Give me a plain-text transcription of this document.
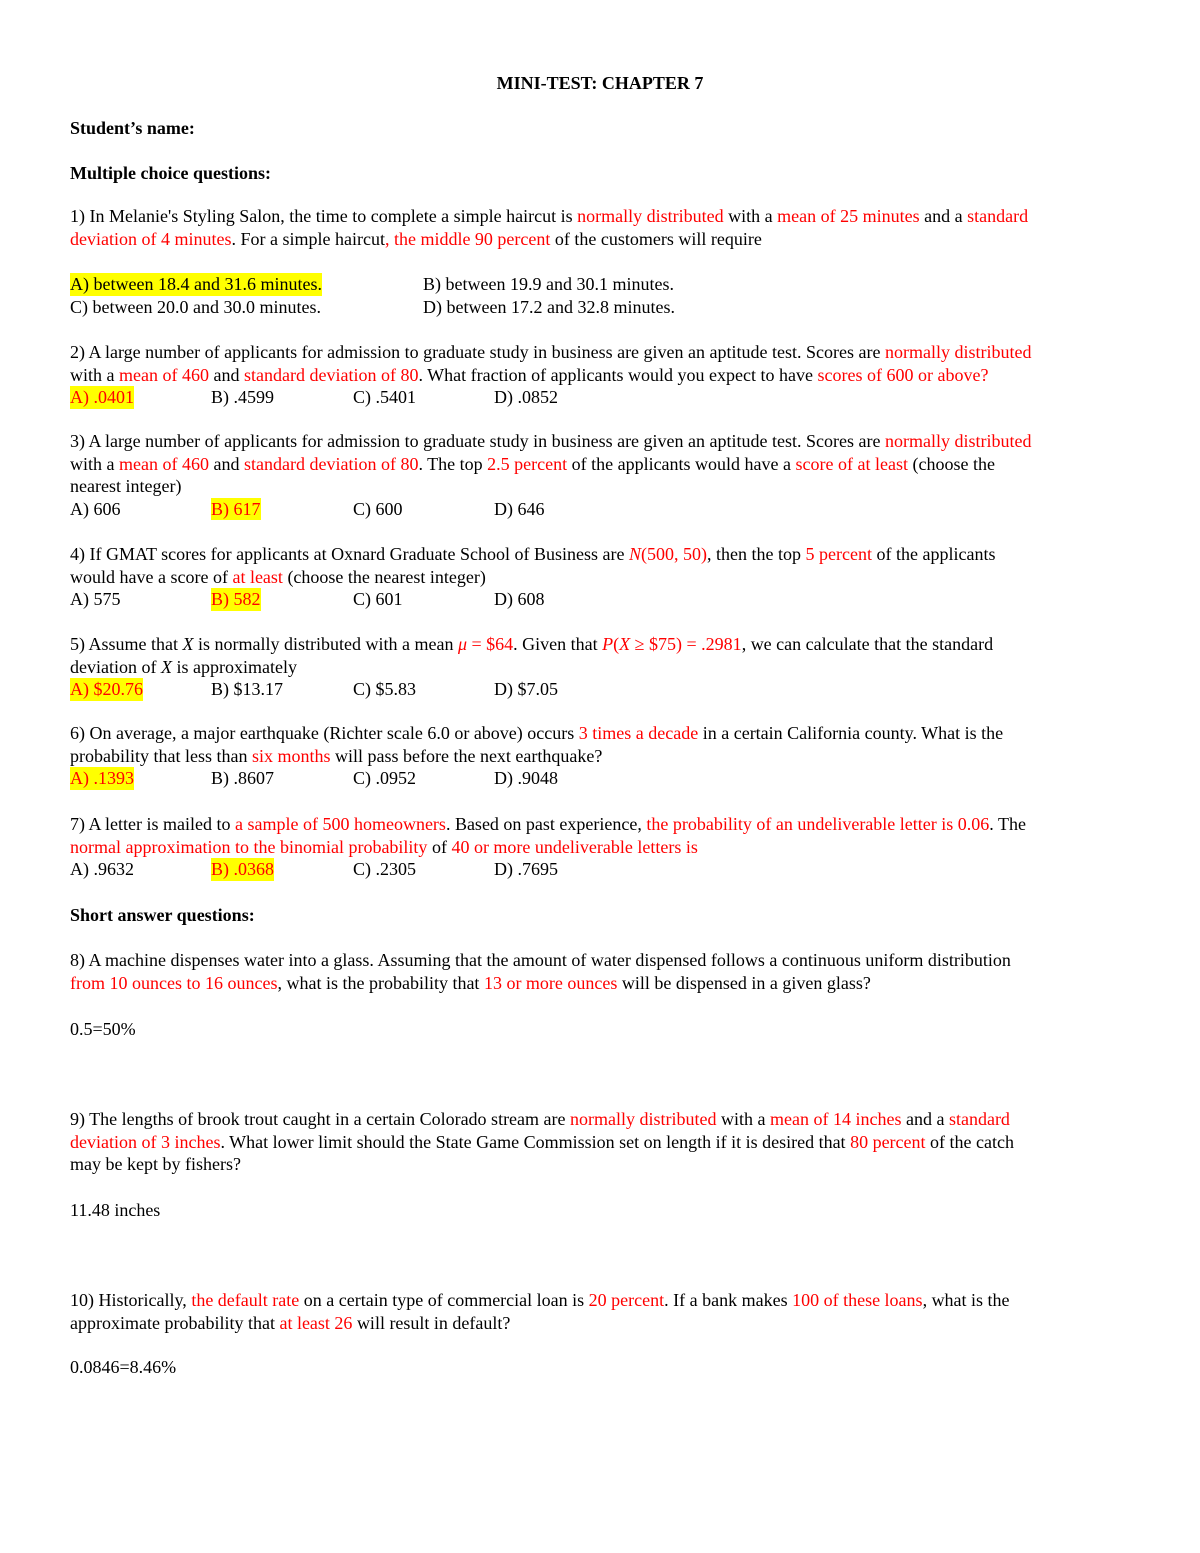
MINI-TEST: CHAPTER 7
Student’s name:
Multiple choice questions:
1) In Melanie's Styling Salon, the time to complete a simple haircut is normally distributed with a mean of 25 minutes and a standard
deviation of 4 minutes. For a simple haircut, the middle 90 percent of the customers will require
A) between 18.4 and 31.6 minutes.	B) between 19.9 and 30.1 minutes.
C) between 20.0 and 30.0 minutes.	D) between 17.2 and 32.8 minutes.
2) A large number of applicants for admission to graduate study in business are given an aptitude test. Scores are normally distributed
with a mean of 460 and standard deviation of 80. What fraction of applicants would you expect to have scores of 600 or above?
A) .0401	B) .4599	C) .5401	D) .0852
3) A large number of applicants for admission to graduate study in business are given an aptitude test. Scores are normally distributed
with a mean of 460 and standard deviation of 80. The top 2.5 percent of the applicants would have a score of at least (choose the
nearest integer)
A) 606	B) 617	C) 600	D) 646
4) If GMAT scores for applicants at Oxnard Graduate School of Business are N(500, 50), then the top 5 percent of the applicants
would have a score of at least (choose the nearest integer)
A) 575	B) 582	C) 601	D) 608
5) Assume that X is normally distributed with a mean μ = $64. Given that P(X ≥ $75) = .2981, we can calculate that the standard
deviation of X is approximately
A) $20.76	B) $13.17	C) $5.83	D) $7.05
6) On average, a major earthquake (Richter scale 6.0 or above) occurs 3 times a decade in a certain California county. What is the
probability that less than six months will pass before the next earthquake?
A) .1393	B) .8607	C) .0952	D) .9048
7) A letter is mailed to a sample of 500 homeowners. Based on past experience, the probability of an undeliverable letter is 0.06. The
normal approximation to the binomial probability of 40 or more undeliverable letters is
A) .9632	B) .0368	C) .2305	D) .7695
Short answer questions:
8) A machine dispenses water into a glass. Assuming that the amount of water dispensed follows a continuous uniform distribution
from 10 ounces to 16 ounces, what is the probability that 13 or more ounces will be dispensed in a given glass?
0.5=50%
9) The lengths of brook trout caught in a certain Colorado stream are normally distributed with a mean of 14 inches and a standard
deviation of 3 inches. What lower limit should the State Game Commission set on length if it is desired that 80 percent of the catch
may be kept by fishers?
11.48 inches
10) Historically, the default rate on a certain type of commercial loan is 20 percent. If a bank makes 100 of these loans, what is the
approximate probability that at least 26 will result in default?
0.0846=8.46%
